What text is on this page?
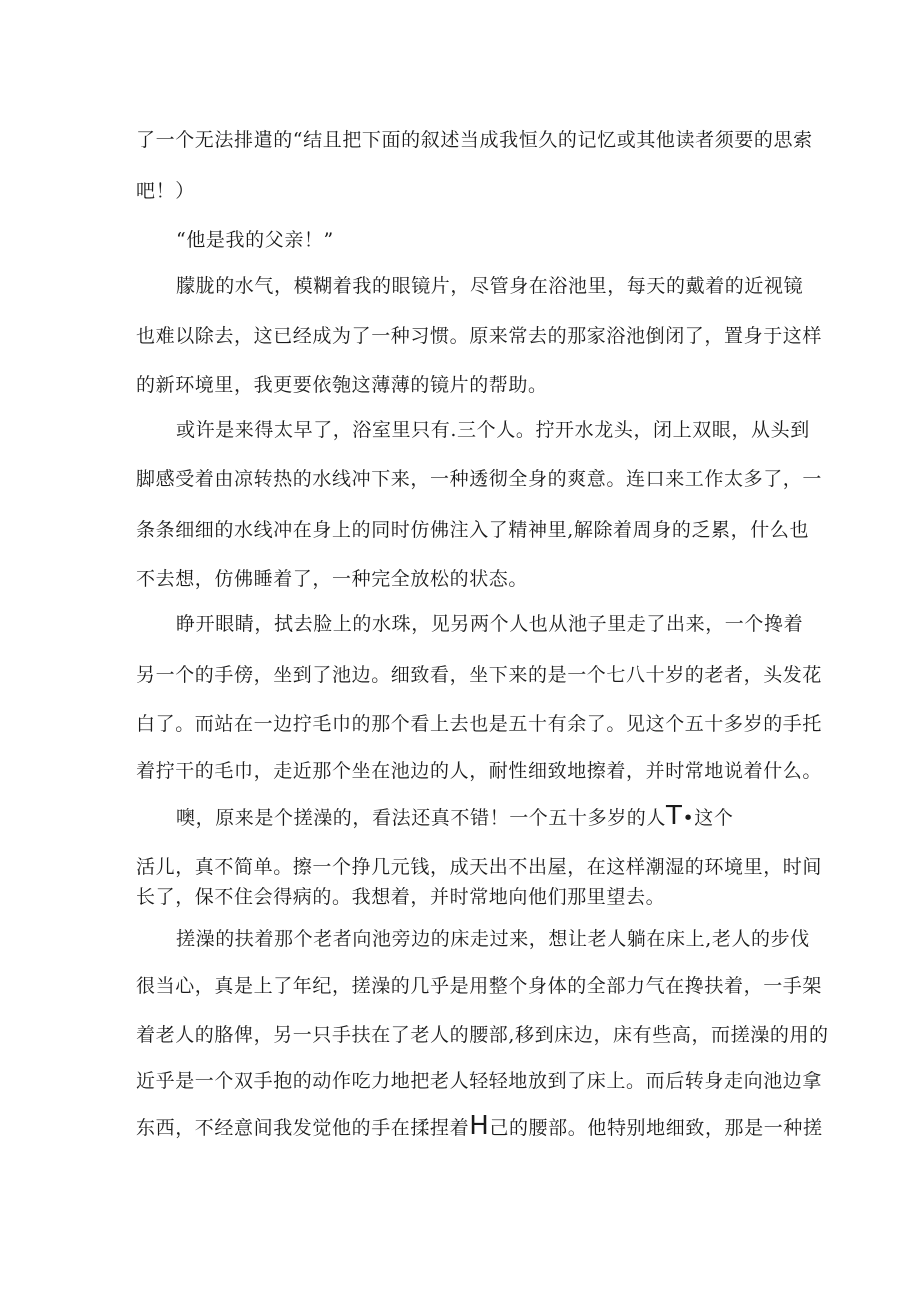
了一个无法排遣的“结且把下面的叙述当成我恒久的记忆或其他读者须要的思索
吧！）
“他是我的父亲！”
朦胧的水气，模糊着我的眼镜片，尽管身在浴池里，每天的戴着的近视镜
也难以除去，这已经成为了一种习惯。原来常去的那家浴池倒闭了，置身于这样
的新环境里，我更要依匏这薄薄的镜片的帮助。
或许是来得太早了，浴室里只有.三个人。拧开水龙头，闭上双眼，从头到
脚感受着由凉转热的水线冲下来，一种透彻全身的爽意。连口来工作太多了，一
条条细细的水线冲在身上的同时仿佛注入了精神里,解除着周身的乏累，什么也
不去想，仿佛睡着了，一种完全放松的状态。
睁开眼睛，拭去脸上的水珠，见另两个人也从池子里走了出来，一个搀着
另一个的手傍，坐到了池边。细致看，坐下来的是一个七八十岁的老者，头发花
白了。而站在一边拧毛巾的那个看上去也是五十有余了。见这个五十多岁的手托
着拧干的毛巾，走近那个坐在池边的人，耐性细致地擦着，并时常地说着什么。
噢，原来是个搓澡的，看法还真不错！一个五十多岁的人T•这个
活儿，真不简单。擦一个挣几元钱，成天出不出屋，在这样潮湿的环境里，时间
长了，保不住会得病的。我想着，并时常地向他们那里望去。
搓澡的扶着那个老者向池旁边的床走过来，想让老人躺在床上,老人的步伐
很当心，真是上了年纪，搓澡的几乎是用整个身体的全部力气在搀扶着，一手架
着老人的胳俾，另一只手扶在了老人的腰部,移到床边，床有些高，而搓澡的用的
近乎是一个双手抱的动作吃力地把老人轻轻地放到了床上。而后转身走向池边拿
东西，不经意间我发觉他的手在揉捏着H己的腰部。他特别地细致，那是一种搓
